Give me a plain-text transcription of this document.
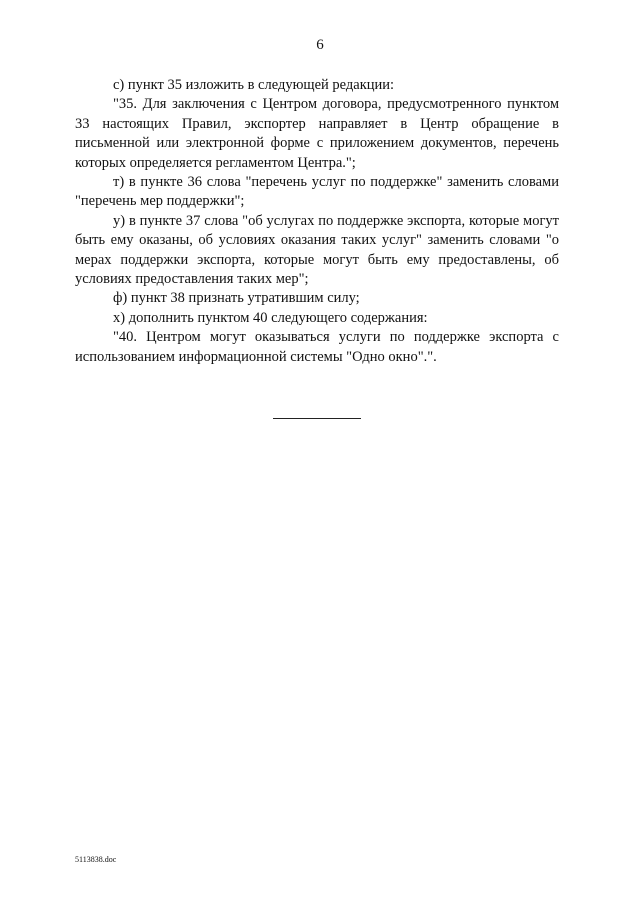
6

с) пункт 35 изложить в следующей редакции:

"35. Для заключения с Центром договора, предусмотренного пунктом 33 настоящих Правил, экспортер направляет в Центр обращение в письменной или электронной форме с приложением документов, перечень которых определяется регламентом Центра.";

т) в пункте 36 слова "перечень услуг по поддержке" заменить словами "перечень мер поддержки";

у) в пункте 37 слова "об услугах по поддержке экспорта, которые могут быть ему оказаны, об условиях оказания таких услуг" заменить словами "о мерах поддержки экспорта, которые могут быть ему предоставлены, об условиях предоставления таких мер";

ф) пункт 38 признать утратившим силу;

х) дополнить пунктом 40 следующего содержания:

"40. Центром могут оказываться услуги по поддержке экспорта с использованием информационной системы "Одно окно".".

5113838.doc
